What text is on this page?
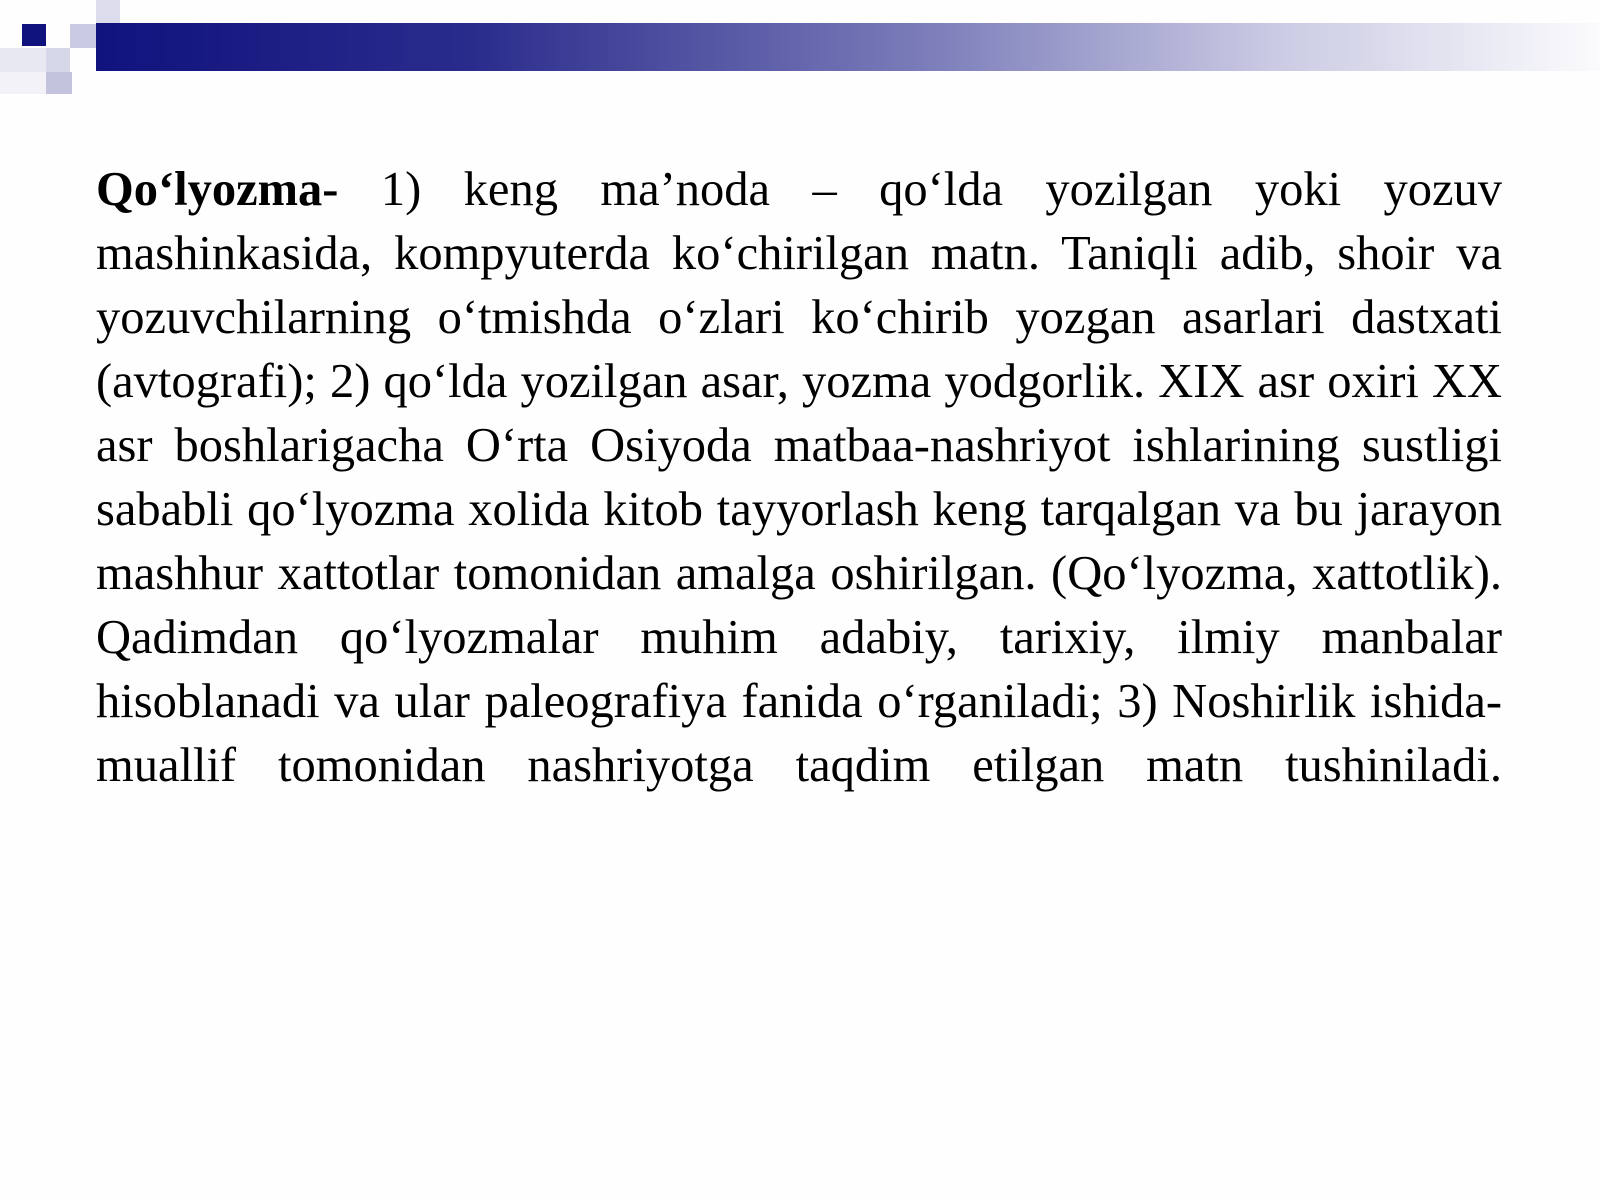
Qo‘lyozma- 1) keng ma’noda – qo‘lda yozilgan yoki yozuv mashinkasida, kompyuterda ko‘chirilgan matn. Taniqli adib, shoir va yozuvchilarning o‘tmishda o‘zlari ko‘chirib yozgan asarlari dastxati (avtografi); 2) qo‘lda yozilgan asar, yozma yodgorlik. XIX asr oxiri XX asr boshlarigacha O‘rta Osiyoda matbaa-nashriyot ishlarining sustligi sababli qo‘lyozma xolida kitob tayyorlash keng tarqalgan va bu jarayon mashhur xattotlar tomonidan amalga oshirilgan. (Qo‘lyozma, xattotlik). Qadimdan qo‘lyozmalar muhim adabiy, tarixiy, ilmiy manbalar hisoblanadi va ular paleografiya fanida o‘rganiladi; 3) Noshirlik ishida- muallif tomonidan nashriyotga taqdim etilgan matn tushiniladi.
